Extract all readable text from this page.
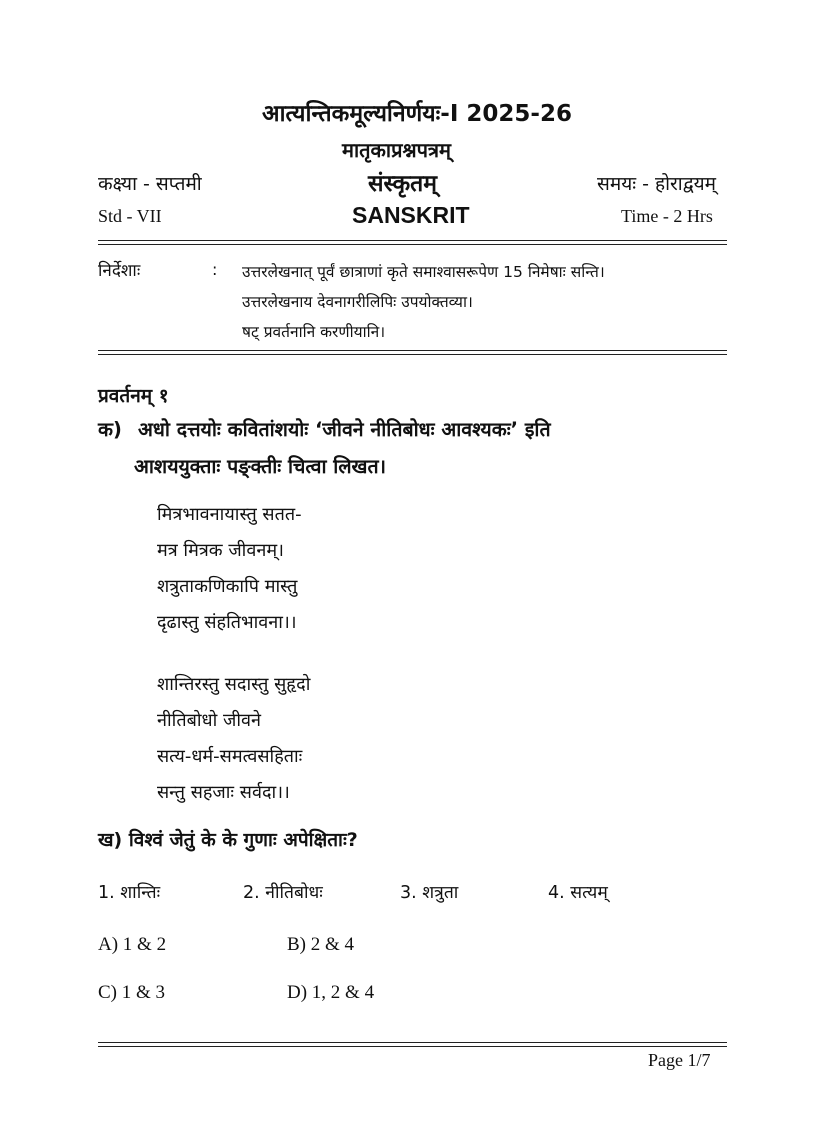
आत्यन्तिकमूल्यनिर्णयः-I 2025-26
मातृकाप्रश्नपत्रम्
कक्ष्या - सप्तमी	संस्कृतम्	समयः - होराद्वयम्
Std - VII	SANSKRIT	Time - 2 Hrs
निर्देशाः	: उत्तरलेखनात् पूर्वं छात्राणां कृते समाश्वासरूपेण 15 निमेषाः सन्ति।
उत्तरलेखनाय देवनागरीलिपिः उपयोक्तव्या।
षट् प्रवर्तनानि करणीयानि।
प्रवर्तनम् १
क) अधो दत्तयोः कवितांशयोः ‘जीवने नीतिबोधः आवश्यकः’ इति
आशययुक्ताः पङ्क्तीः चित्वा लिखत।
मित्रभावनायास्तु सतत-
मत्र मित्रक जीवनम्।
शत्रुताकणिकापि मास्तु
दृढास्तु संहतिभावना।।
शान्तिरस्तु सदास्तु सुहृदो
नीतिबोधो जीवने
सत्य-धर्म-समत्वसहिताः
सन्तु सहजाः सर्वदा।।
ख) विश्वं जेतुं के के गुणाः अपेक्षिताः?
1. शान्तिः	2. नीतिबोधः	3. शत्रुता	4. सत्यम्
A) 1 & 2	B) 2 & 4
C) 1 & 3	D) 1, 2 & 4
Page 1/7
